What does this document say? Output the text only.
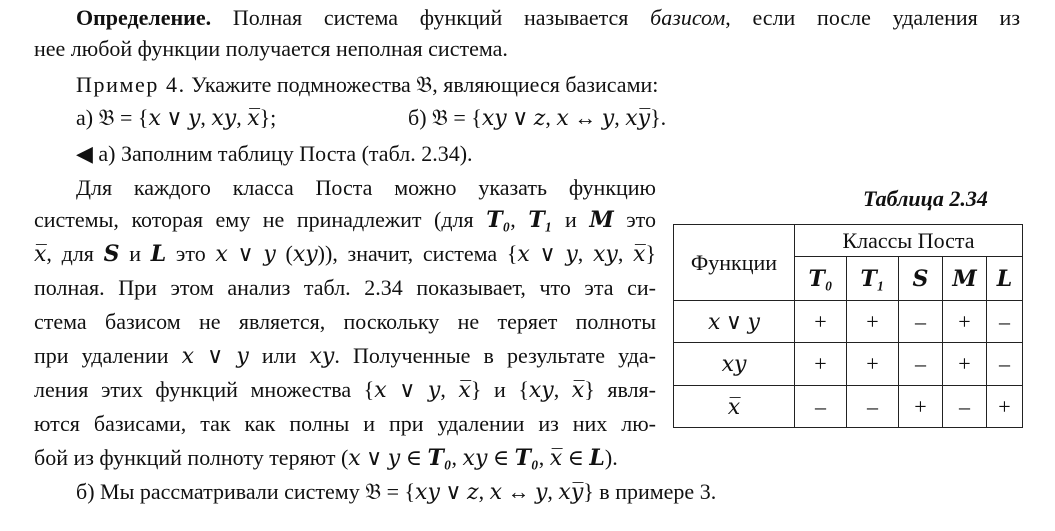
Определение. Полная система функций называется базисом, если после удаления из
нее любой функции получается неполная система.
Пример 4. Укажите подмножества 𝔅, являющиеся базисами:
а) 𝔅 = {𝑥 ∨ 𝑦, 𝑥𝑦, 𝑥̅};	б) 𝔅 = {𝑥𝑦 ∨ 𝑧, 𝑥 ↔ 𝑦, 𝑥𝑦̅}.
◀ а) Заполним таблицу Поста (табл. 2.34).
Для каждого класса Поста можно указать функцию
системы, которая ему не принадлежит (для 𝑻₀, 𝑻₁ и 𝑴 это
𝑥̅, для 𝑺 и 𝑳 это 𝑥 ∨ 𝑦 (𝑥𝑦)), значит, система {𝑥 ∨ 𝑦, 𝑥𝑦, 𝑥̅}
полная. При этом анализ табл. 2.34 показывает, что эта си-
стема базисом не является, поскольку не теряет полноты
при удалении 𝑥 ∨ 𝑦 или 𝑥𝑦. Полученные в результате уда-
ления этих функций множества {𝑥 ∨ 𝑦, 𝑥̅} и {𝑥𝑦, 𝑥̅} явля-
ются базисами, так как полны и при удалении из них лю-
бой из функций полноту теряют (𝑥 ∨ 𝑦 ∈ 𝑻₀, 𝑥𝑦 ∈ 𝑻₀, 𝑥̅ ∈ 𝑳).
б) Мы рассматривали систему 𝔅 = {𝑥𝑦 ∨ 𝑧, 𝑥 ↔ 𝑦, 𝑥𝑦̅} в примере 3.
Таблица 2.34
Функции	Классы Поста				
	𝑻₀	𝑻₁	𝑺	𝑴	𝑳
𝑥 ∨ 𝑦	+	+	–	+	–
𝑥𝑦	+	+	–	+	–
𝑥̅	–	–	+	–	+
